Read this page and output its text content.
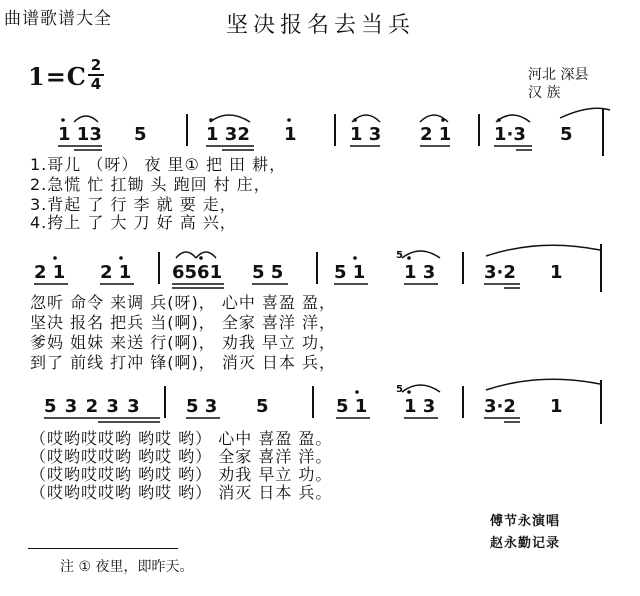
曲谱歌谱大全	坚决报名去当兵
1=C 2
4	河北 深县
汉 族
1 13 5	1 32 1	1 3 2 1 1·3 5
1.哥儿 （呀） 夜 里① 把 田 耕，
2.急慌 忙 扛锄 头 跑回 村 庄，
3.背起 了 行 李 就 要 走，
4.挎上 了 大 刀 好 高 兴，
2 1 2 1 6561 5 5	5 1 1 3	3·2 1
5
忽听 命令 来调 兵(呀)， 心中 喜盈 盈，
坚决 报名 把兵 当(啊)， 全家 喜洋 洋，
爹妈 姐妹 来送 行(啊)， 劝我 早立 功，
到了 前线 打冲 锋(啊)， 消灭 日本 兵，
5 3 2 3 3	5 3 5	5 1 1 3	3·2 1
5
（哎哟哎哎哟 哟哎 哟） 心中 喜盈 盈。
（哎哟哎哎哟 哟哎 哟） 全家 喜洋 洋。
（哎哟哎哎哟 哟哎 哟） 劝我 早立 功。
（哎哟哎哎哟 哟哎 哟） 消灭 日本 兵。
傅节永演唱
赵永勤记录
注 ① 夜里，即昨天。
